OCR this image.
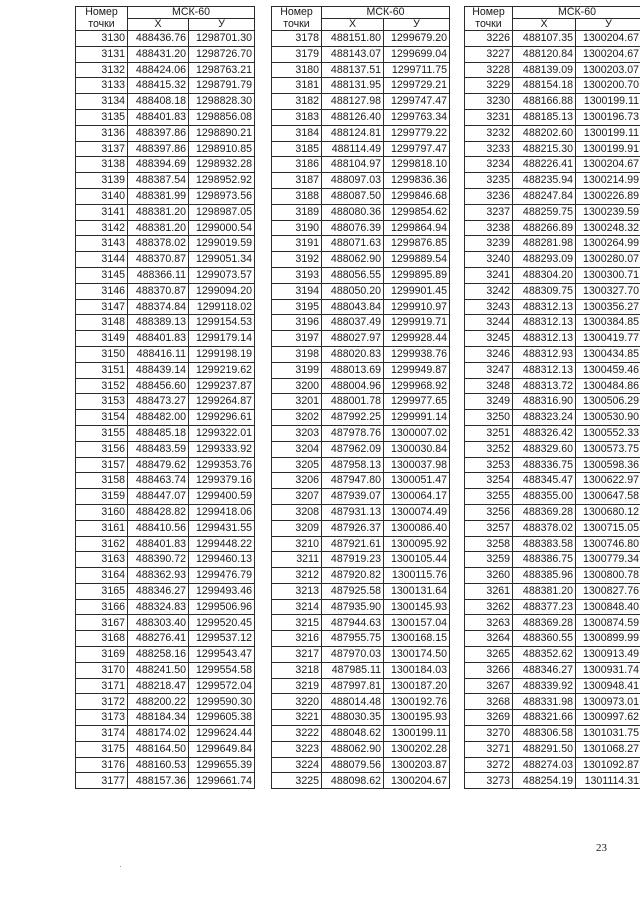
Номер
точки	МСК-60	
	X	У
3130	488436.76	1298701.30
3131	488431.20	1298726.70
3132	488424.06	1298763.21
3133	488415.32	1298791.79
3134	488408.18	1298828.30
3135	488401.83	1298856.08
3136	488397.86	1298890.21
3137	488397.86	1298910.85
3138	488394.69	1298932.28
3139	488387.54	1298952.92
3140	488381.99	1298973.56
3141	488381.20	1298987.05
3142	488381.20	1299000.54
3143	488378.02	1299019.59
3144	488370.87	1299051.34
3145	488366.11	1299073.57
3146	488370.87	1299094.20
3147	488374.84	1299118.02
3148	488389.13	1299154.53
3149	488401.83	1299179.14
3150	488416.11	1299198.19
3151	488439.14	1299219.62
3152	488456.60	1299237.87
3153	488473.27	1299264.87
3154	488482.00	1299296.61
3155	488485.18	1299322.01
3156	488483.59	1299333.92
3157	488479.62	1299353.76
3158	488463.74	1299379.16
3159	488447.07	1299400.59
3160	488428.82	1299418.06
3161	488410.56	1299431.55
3162	488401.83	1299448.22
3163	488390.72	1299460.13
3164	488362.93	1299476.79
3165	488346.27	1299493.46
3166	488324.83	1299506.96
3167	488303.40	1299520.45
3168	488276.41	1299537.12
3169	488258.16	1299543.47
3170	488241.50	1299554.58
3171	488218.47	1299572.04
3172	488200.22	1299590.30
3173	488184.34	1299605.38
3174	488174.02	1299624.44
3175	488164.50	1299649.84
3176	488160.53	1299655.39
3177	488157.36	1299661.74
Номер
точки	МСК-60	
	X	У
3178	488151.80	1299679.20
3179	488143.07	1299699.04
3180	488137.51	1299711.75
3181	488131.95	1299729.21
3182	488127.98	1299747.47
3183	488126.40	1299763.34
3184	488124.81	1299779.22
3185	488114.49	1299797.47
3186	488104.97	1299818.10
3187	488097.03	1299836.36
3188	488087.50	1299846.68
3189	488080.36	1299854.62
3190	488076.39	1299864.94
3191	488071.63	1299876.85
3192	488062.90	1299889.54
3193	488056.55	1299895.89
3194	488050.20	1299901.45
3195	488043.84	1299910.97
3196	488037.49	1299919.71
3197	488027.97	1299928.44
3198	488020.83	1299938.76
3199	488013.69	1299949.87
3200	488004.96	1299968.92
3201	488001.78	1299977.65
3202	487992.25	1299991.14
3203	487978.76	1300007.02
3204	487962.09	1300030.84
3205	487958.13	1300037.98
3206	487947.80	1300051.47
3207	487939.07	1300064.17
3208	487931.13	1300074.49
3209	487926.37	1300086.40
3210	487921.61	1300095.92
3211	487919.23	1300105.44
3212	487920.82	1300115.76
3213	487925.58	1300131.64
3214	487935.90	1300145.93
3215	487944.63	1300157.04
3216	487955.75	1300168.15
3217	487970.03	1300174.50
3218	487985.11	1300184.03
3219	487997.81	1300187.20
3220	488014.48	1300192.76
3221	488030.35	1300195.93
3222	488048.62	1300199.11
3223	488062.90	1300202.28
3224	488079.56	1300203.87
3225	488098.62	1300204.67
Номер
точки	МСК-60	
	X	У
3226	488107.35	1300204.67
3227	488120.84	1300204.67
3228	488139.09	1300203.07
3229	488154.18	1300200.70
3230	488166.88	1300199.11
3231	488185.13	1300196.73
3232	488202.60	1300199.11
3233	488215.30	1300199.91
3234	488226.41	1300204.67
3235	488235.94	1300214.99
3236	488247.84	1300226.89
3237	488259.75	1300239.59
3238	488266.89	1300248.32
3239	488281.98	1300264.99
3240	488293.09	1300280.07
3241	488304.20	1300300.71
3242	488309.75	1300327.70
3243	488312.13	1300356.27
3244	488312.13	1300384.85
3245	488312.13	1300419.77
3246	488312.93	1300434.85
3247	488312.13	1300459.46
3248	488313.72	1300484.86
3249	488316.90	1300506.29
3250	488323.24	1300530.90
3251	488326.42	1300552.33
3252	488329.60	1300573.75
3253	488336.75	1300598.36
3254	488345.47	1300622.97
3255	488355.00	1300647.58
3256	488369.28	1300680.12
3257	488378.02	1300715.05
3258	488383.58	1300746.80
3259	488386.75	1300779.34
3260	488385.96	1300800.78
3261	488381.20	1300827.76
3262	488377.23	1300848.40
3263	488369.28	1300874.59
3264	488360.55	1300899.99
3265	488352.62	1300913.49
3266	488346.27	1300931.74
3267	488339.92	1300948.41
3268	488331.98	1300973.01
3269	488321.66	1300997.62
3270	488306.58	1301031.75
3271	488291.50	1301068.27
3272	488274.03	1301092.87
3273	488254.19	1301114.31
23
